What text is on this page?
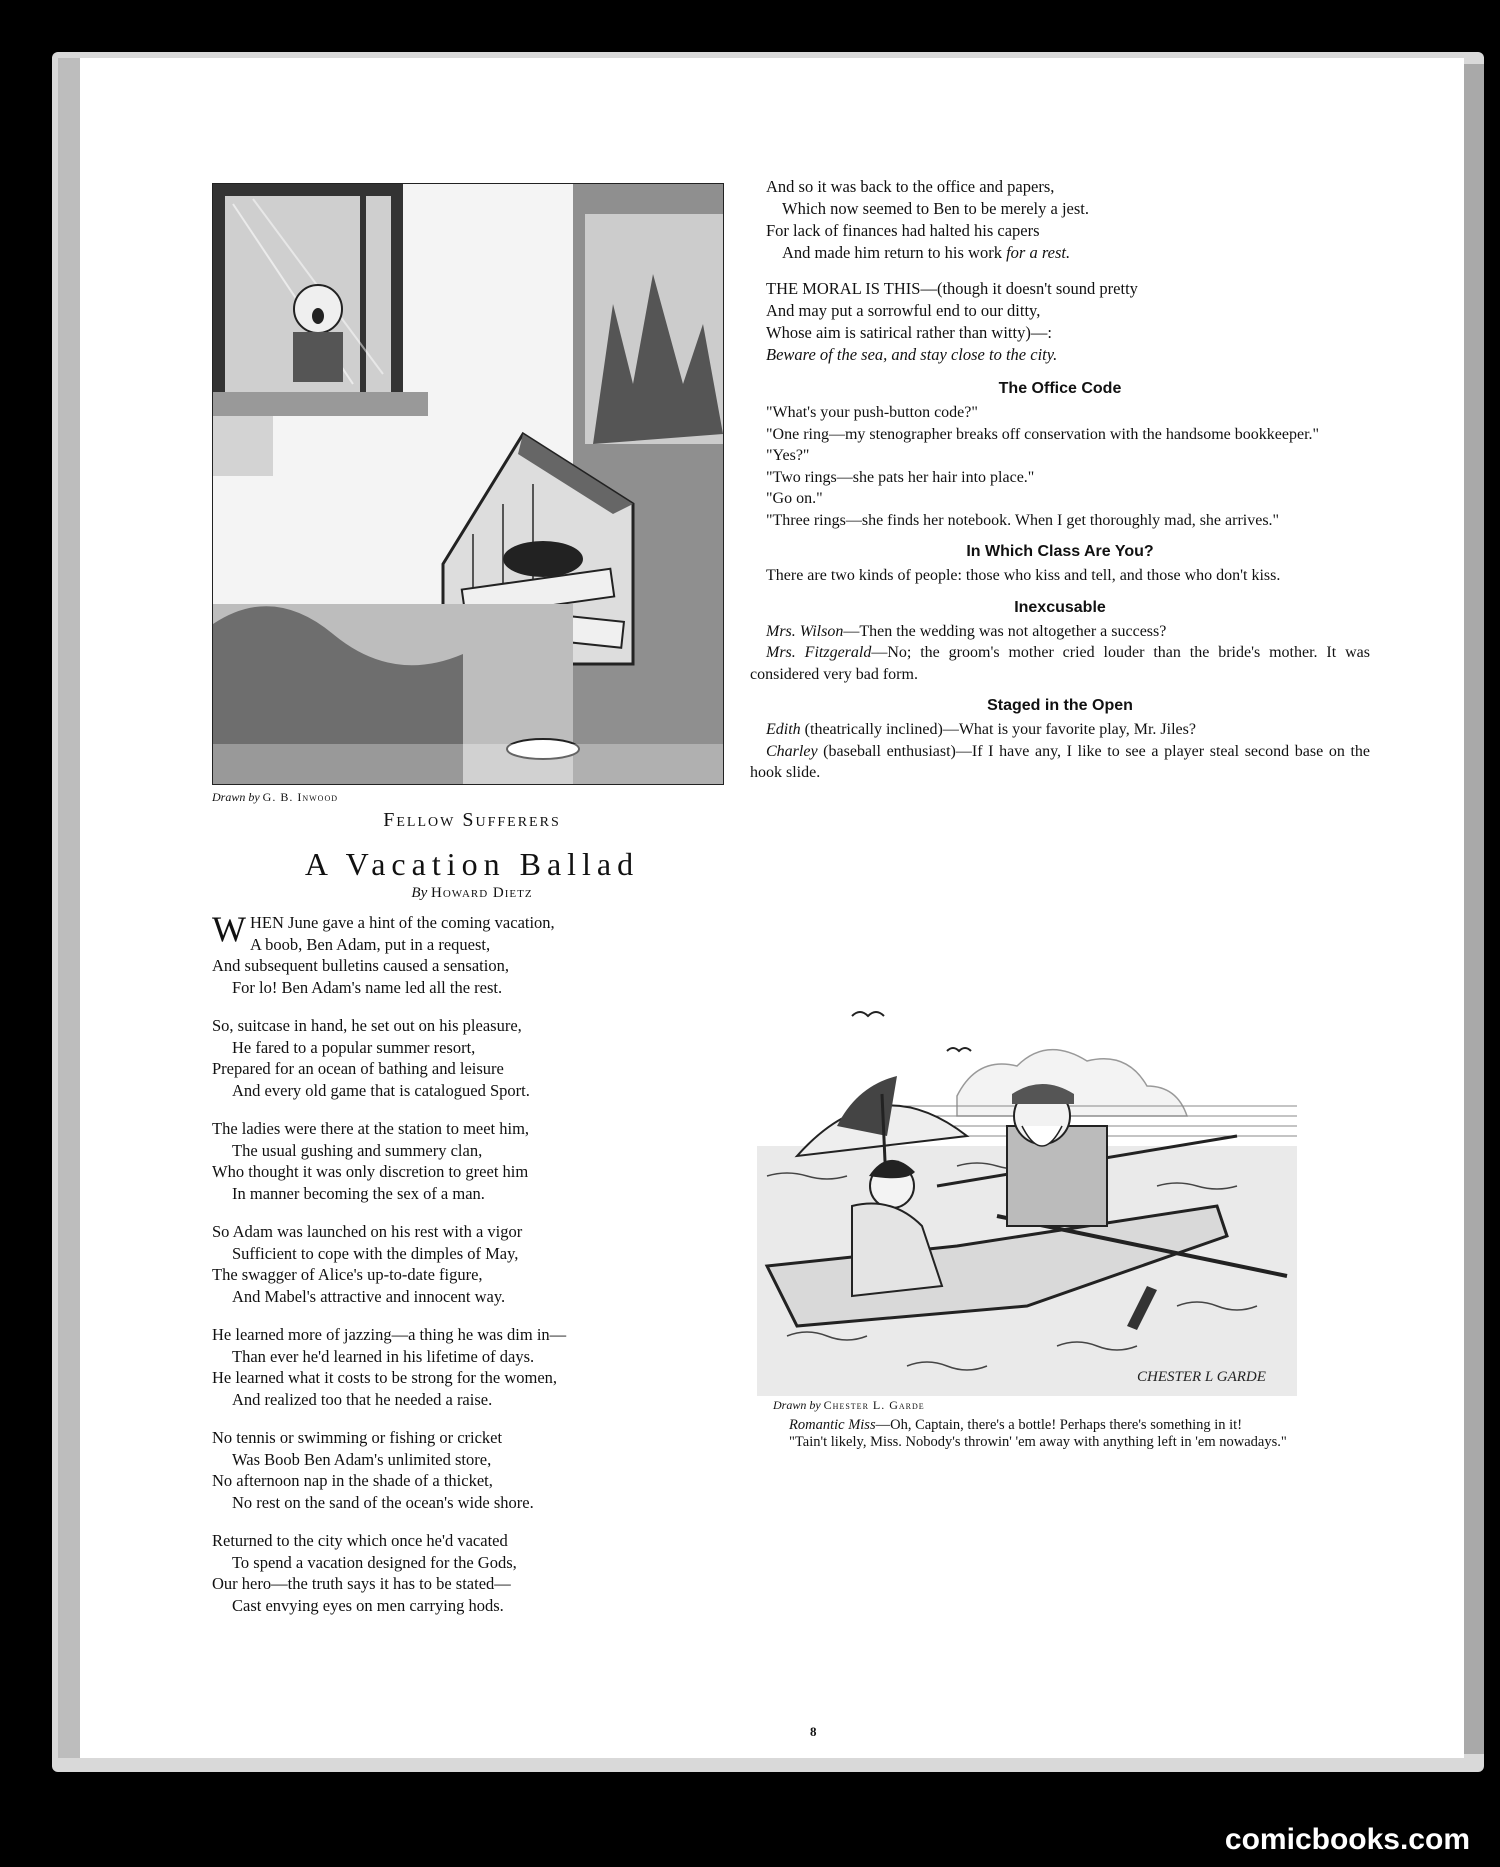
Drawn by G. B. Inwood
Fellow Sufferers
A Vacation Ballad
By Howard Dietz
W HEN June gave a hint of the coming vacation,
A boob, Ben Adam, put in a request,
And subsequent bulletins caused a sensation,
For lo! Ben Adam's name led all the rest.
So, suitcase in hand, he set out on his pleasure,
He fared to a popular summer resort,
Prepared for an ocean of bathing and leisure
And every old game that is catalogued Sport.
The ladies were there at the station to meet him,
The usual gushing and summery clan,
Who thought it was only discretion to greet him
In manner becoming the sex of a man.
So Adam was launched on his rest with a vigor
Sufficient to cope with the dimples of May,
The swagger of Alice's up-to-date figure,
And Mabel's attractive and innocent way.
He learned more of jazzing—a thing he was dim in—
Than ever he'd learned in his lifetime of days.
He learned what it costs to be strong for the women,
And realized too that he needed a raise.
No tennis or swimming or fishing or cricket
Was Boob Ben Adam's unlimited store,
No afternoon nap in the shade of a thicket,
No rest on the sand of the ocean's wide shore.
Returned to the city which once he'd vacated
To spend a vacation designed for the Gods,
Our hero—the truth says it has to be stated—
Cast envying eyes on men carrying hods.
And so it was back to the office and papers,
Which now seemed to Ben to be merely a jest.
For lack of finances had halted his capers
And made him return to his work for a rest.
THE MORAL IS THIS—(though it doesn't sound pretty
And may put a sorrowful end to our ditty,
Whose aim is satirical rather than witty)—:
Beware of the sea, and stay close to the city.
The Office Code

"What's your push-button code?"

"One ring—my stenographer breaks off conservation with the handsome bookkeeper."

"Yes?"

"Two rings—she pats her hair into place."

"Go on."

"Three rings—she finds her notebook. When I get thoroughly mad, she arrives."

In Which Class Are You?

There are two kinds of people: those who kiss and tell, and those who don't kiss.

Inexcusable

Mrs. Wilson—Then the wedding was not altogether a success?

Mrs. Fitzgerald—No; the groom's mother cried louder than the bride's mother. It was considered very bad form.

Staged in the Open

Edith (theatrically inclined)—What is your favorite play, Mr. Jiles?

Charley (baseball enthusiast)—If I have any, I like to see a player steal second base on the hook slide.

CHESTER L GARDE
Drawn by Chester L. Garde

Romantic Miss—Oh, Captain, there's a bottle! Perhaps there's something in it!

"Tain't likely, Miss. Nobody's throwin' 'em away with anything left in 'em nowadays."

8
comicbooks.com
